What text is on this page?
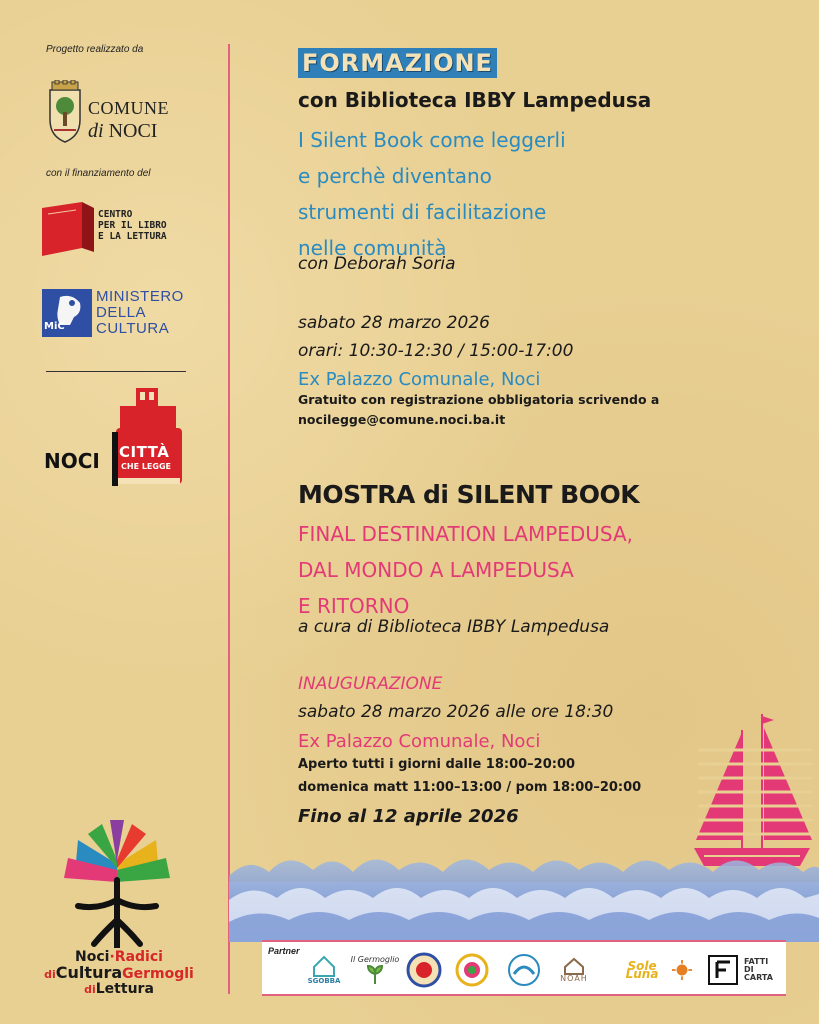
Progetto realizzato da
COMUNE
di NOCI
con il finanziamento del
CENTRO
PER IL LIBRO
E LA LETTURA
MiC
MINISTERO
DELLA
CULTURA
NOCI CITTÀ
CHE LEGGE
Noci·Radici
diCulturaGermogli
diLettura
FORMAZIONE
con Biblioteca IBBY Lampedusa
I Silent Book come leggerli
e perchè diventano
strumenti di facilitazione
nelle comunità
con Deborah Soria
sabato 28 marzo 2026
orari: 10:30-12:30 / 15:00-17:00
Ex Palazzo Comunale, Noci
Gratuito con registrazione obbligatoria scrivendo a
nocilegge@comune.noci.ba.it
MOSTRA di SILENT BOOK
FINAL DESTINATION LAMPEDUSA,
DAL MONDO A LAMPEDUSA
E RITORNO
a cura di Biblioteca IBBY Lampedusa
INAUGURAZIONE
sabato 28 marzo 2026 alle ore 18:30
Ex Palazzo Comunale, Noci
Aperto tutti i giorni dalle 18:00–20:00
domenica matt 11:00–13:00 / pom 18:00–20:00
Fino al 12 aprile 2026
Partner
SGOBBA
Il Germoglio
NOAH
Sole Luna
FATTI DI CARTA
